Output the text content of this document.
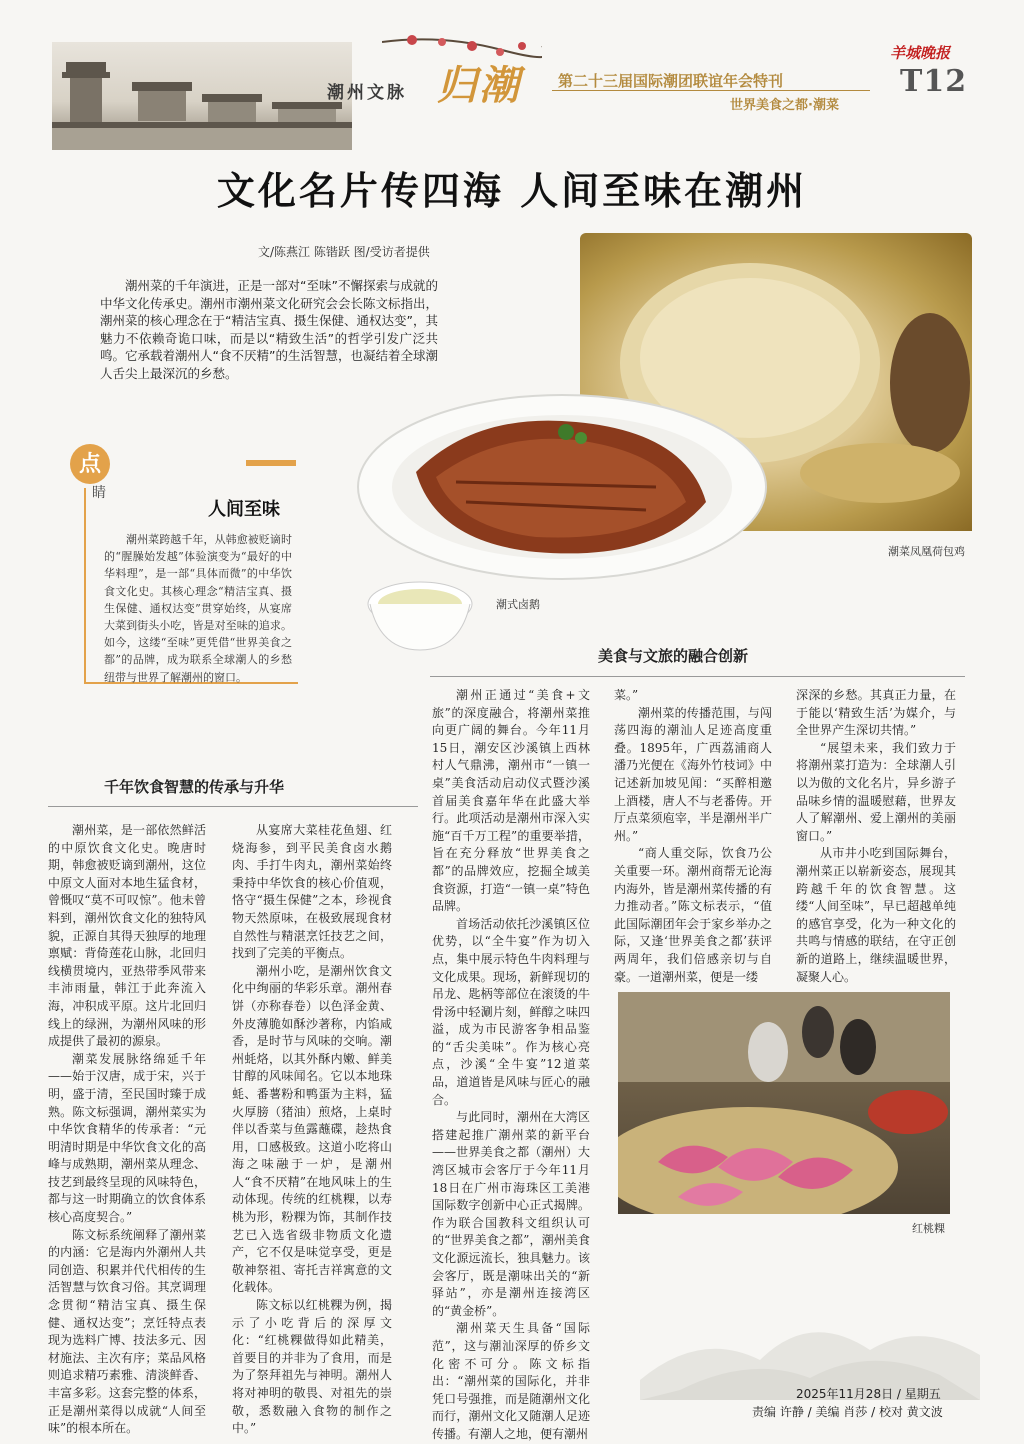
潮州文脉 归潮 第二十三届国际潮团联谊年会特刊
世界美食之都·潮菜
羊城晚报
T12
文化名片传四海 人间至味在潮州
文/陈燕江 陈锴跃 图/受访者提供

潮州菜的千年演进，正是一部对“至味”不懈探索与成就的中华文化传承史。潮州市潮州菜文化研究会会长陈文标指出，潮州菜的核心理念在于“精洁宝真、摄生保健、通权达变”，其魅力不依赖奇诡口味，而是以“精致生活”的哲学引发广泛共鸣。它承载着潮州人“食不厌精”的生活智慧，也凝结着全球潮人舌尖上最深沉的乡愁。

潮菜凤凰荷包鸡
潮式卤鹅
点
睛
人间至味

潮州菜跨越千年，从韩愈被贬谪时的“腥臊始发越”体验演变为“最好的中华料理”，是一部“具体而微”的中华饮食文化史。其核心理念“精洁宝真、摄生保健、通权达变”贯穿始终，从宴席大菜到街头小吃，皆是对至味的追求。如今，这缕“至味”更凭借“世界美食之都”的品牌，成为联系全球潮人的乡愁纽带与世界了解潮州的窗口。

千年饮食智慧的传承与升华

潮州菜，是一部依然鲜活的中原饮食文化史。晚唐时期，韩愈被贬谪到潮州，这位中原文人面对本地生猛食材，曾慨叹“莫不可叹惊”。他未曾料到，潮州饮食文化的独特风貌，正源自其得天独厚的地理禀赋：背倚莲花山脉，北回归线横贯境内，亚热带季风带来丰沛雨量，韩江于此奔流入海，冲积成平原。这片北回归线上的绿洲，为潮州风味的形成提供了最初的源泉。

潮菜发展脉络绵延千年——始于汉唐，成于宋，兴于明，盛于清，至民国时臻于成熟。陈文标强调，潮州菜实为中华饮食精华的传承者：“元明清时期是中华饮食文化的高峰与成熟期，潮州菜从理念、技艺到最终呈现的风味特色，都与这一时期确立的饮食体系核心高度契合。”

陈文标系统阐释了潮州菜的内涵：它是海内外潮州人共同创造、积累并代代相传的生活智慧与饮食习俗。其烹调理念贯彻“精洁宝真、摄生保健、通权达变”；烹饪特点表现为选料广博、技法多元、因材施法、主次有序；菜品风格则追求精巧素雅、清淡鲜香、丰富多彩。这套完整的体系，正是潮州菜得以成就“人间至味”的根本所在。

从宴席大菜桂花鱼翅、红烧海参，到平民美食卤水鹅肉、手打牛肉丸，潮州菜始终秉持中华饮食的核心价值观，恪守“摄生保健”之本，珍视食物天然原味，在极致展现食材自然性与精湛烹饪技艺之间，找到了完美的平衡点。

潮州小吃，是潮州饮食文化中绚丽的华彩乐章。潮州春饼（亦称春卷）以色泽金黄、外皮薄脆如酥沙著称，内馅咸香，是时节与风味的交响。潮州蚝烙，以其外酥内嫩、鲜美甘醇的风味闻名。它以本地珠蚝、番薯粉和鸭蛋为主料，猛火厚膀（猪油）煎烙，上桌时伴以香菜与鱼露蘸碟，趁热食用，口感极致。这道小吃将山海之味融于一炉，是潮州人“食不厌精”在地风味上的生动体现。传统的红桃粿，以寿桃为形，粉粿为饰，其制作技艺已入选省级非物质文化遗产，它不仅是味觉享受，更是敬神祭祖、寄托吉祥寓意的文化载体。

陈文标以红桃粿为例，揭示了小吃背后的深厚文化：“红桃粿做得如此精美，首要目的并非为了食用，而是为了祭拜祖先与神明。潮州人将对神明的敬畏、对祖先的崇敬，悉数融入食物的制作之中。”

美食与文旅的融合创新

潮州正通过“美食+文旅”的深度融合，将潮州菜推向更广阔的舞台。今年11月15日，潮安区沙溪镇上西林村人气鼎沸，潮州市“一镇一桌”美食活动启动仪式暨沙溪首届美食嘉年华在此盛大举行。此项活动是潮州市深入实施“百千万工程”的重要举措，旨在充分释放“世界美食之都”的品牌效应，挖掘全域美食资源，打造“一镇一桌”特色品牌。

首场活动依托沙溪镇区位优势，以“全牛宴”作为切入点，集中展示特色牛肉料理与文化成果。现场，新鲜现切的吊龙、匙柄等部位在滚烫的牛骨汤中轻涮片刻，鲜醇之味四溢，成为市民游客争相品鉴的“舌尖美味”。作为核心亮点，沙溪“全牛宴”12道菜品，道道皆是风味与匠心的融合。

与此同时，潮州在大湾区搭建起推广潮州菜的新平台——世界美食之都（潮州）大湾区城市会客厅于今年11月18日在广州市海珠区工美港国际数字创新中心正式揭牌。作为联合国教科文组织认可的“世界美食之都”，潮州美食文化源远流长，独具魅力。该会客厅，既是潮味出关的“新驿站”，亦是潮州连接湾区的“黄金桥”。

潮州菜天生具备“国际范”，这与潮汕深厚的侨乡文化密不可分。陈文标指出：“潮州菜的国际化，并非凭口号强推，而是随潮州文化而行，潮州文化又随潮人足迹传播。有潮人之地，便有潮州

菜。”

潮州菜的传播范围，与闯荡四海的潮汕人足迹高度重叠。1895年，广西荔浦商人潘乃光便在《海外竹枝词》中记述新加坡见闻：“买醉相邀上酒楼，唐人不与老番俦。开厅点菜须庖宰，半是潮州半广州。”

“商人重交际，饮食乃公关重要一环。潮州商帮无论海内海外，皆是潮州菜传播的有力推动者。”陈文标表示，“值此国际潮团年会于家乡举办之际，又逢‘世界美食之都’获评两周年，我们倍感亲切与自豪。一道潮州菜，便是一缕

深深的乡愁。其真正力量，在于能以‘精致生活’为媒介，与全世界产生深切共情。”

“展望未来，我们致力于将潮州菜打造为：全球潮人引以为傲的文化名片，异乡游子品味乡情的温暖慰藉，世界友人了解潮州、爱上潮州的美丽窗口。”

从市井小吃到国际舞台，潮州菜正以崭新姿态，展现其跨越千年的饮食智慧。这缕“人间至味”，早已超越单纯的感官享受，化为一种文化的共鸣与情感的联结，在守正创新的道路上，继续温暖世界，凝聚人心。

红桃粿
2025年11月28日 / 星期五
责编 许静 / 美编 肖莎 / 校对 黄文波
